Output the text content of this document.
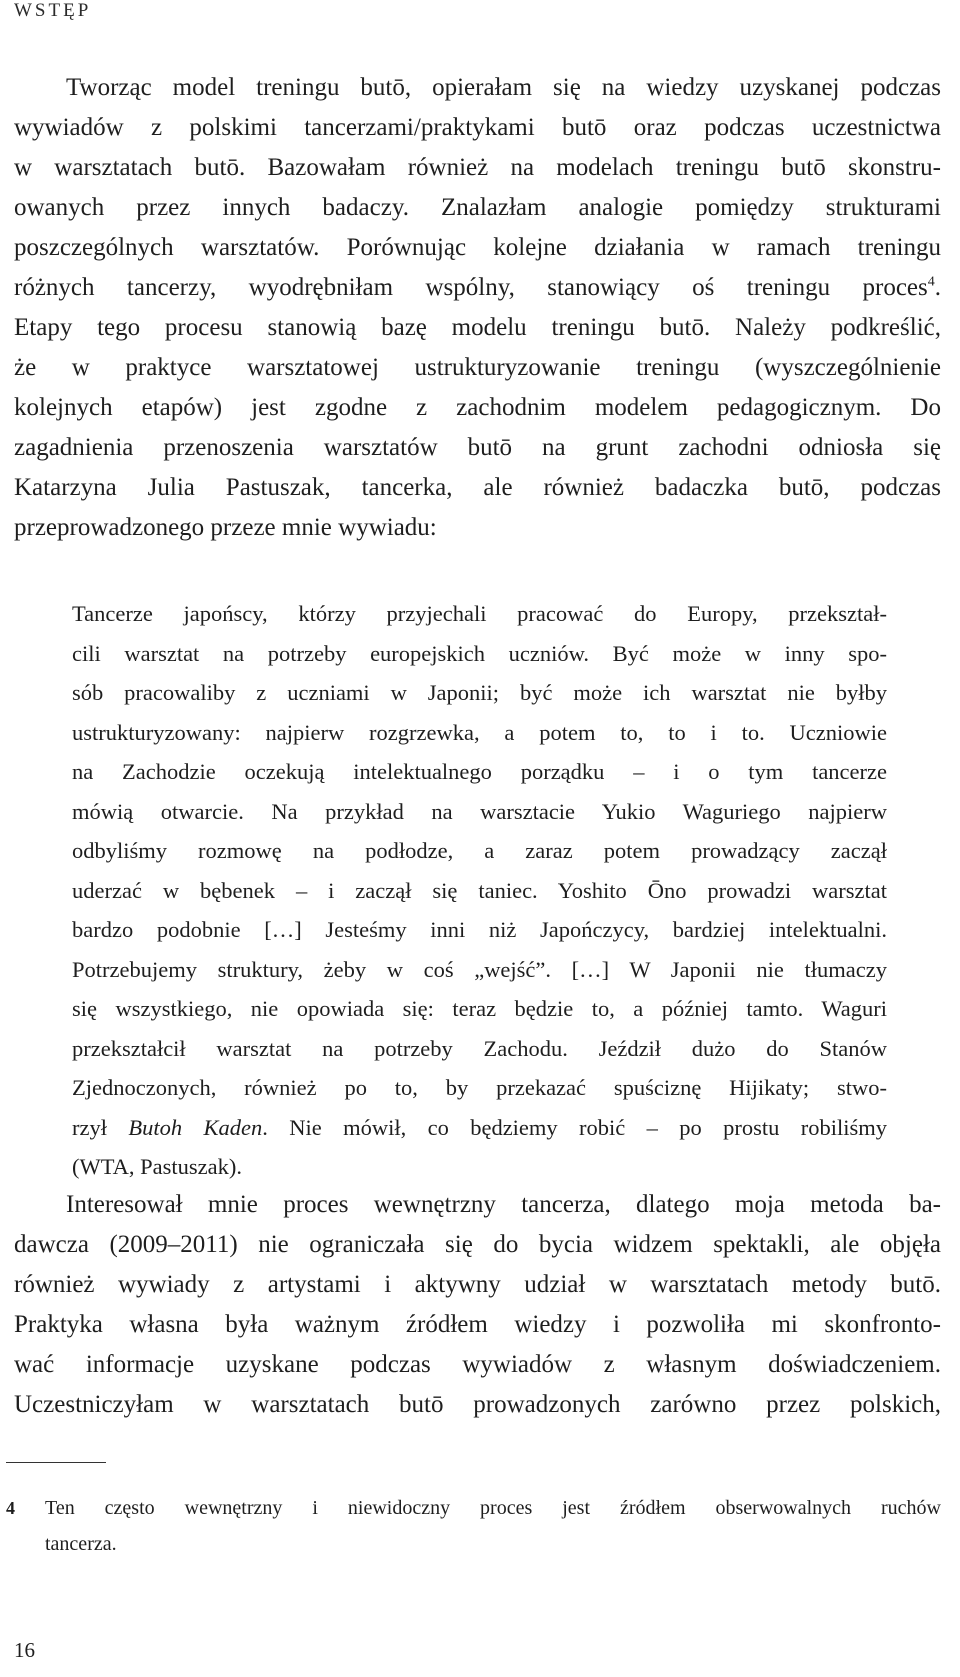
WSTĘP
Tworząc model treningu butō, opierałam się na wiedzy uzyskanej podczas
wywiadów z polskimi tancerzami/praktykami butō oraz podczas uczestnictwa
w warsztatach butō. Bazowałam również na modelach treningu butō skonstru-
owanych przez innych badaczy. Znalazłam analogie pomiędzy strukturami
poszczególnych warsztatów. Porównując kolejne działania w ramach treningu
różnych tancerzy, wyodrębniłam wspólny, stanowiący oś treningu proces$^4$.
Etapy tego procesu stanowią bazę modelu treningu butō. Należy podkreślić,
że w praktyce warsztatowej ustrukturyzowanie treningu (wyszczególnienie
kolejnych etapów) jest zgodne z zachodnim modelem pedagogicznym. Do
zagadnienia przenoszenia warsztatów butō na grunt zachodni odniosła się
Katarzyna Julia Pastuszak, tancerka, ale również badaczka butō, podczas
przeprowadzonego przeze mnie wywiadu:
Tancerze japońscy, którzy przyjechali pracować do Europy, przekształ-
cili warsztat na potrzeby europejskich uczniów. Być może w inny spo-
sób pracowaliby z uczniami w Japonii; być może ich warsztat nie byłby
ustrukturyzowany: najpierw rozgrzewka, a potem to, to i to. Uczniowie
na Zachodzie oczekują intelektualnego porządku – i o tym tancerze
mówią otwarcie. Na przykład na warsztacie Yukio Waguriego najpierw
odbyliśmy rozmowę na podłodze, a zaraz potem prowadzący zaczął
uderzać w bębenek – i zaczął się taniec. Yoshito Ōno prowadzi warsztat
bardzo podobnie […] Jesteśmy inni niż Japończycy, bardziej intelektualni.
Potrzebujemy struktury, żeby w coś „wejść”. […] W Japonii nie tłumaczy
się wszystkiego, nie opowiada się: teraz będzie to, a później tamto. Waguri
przekształcił warsztat na potrzeby Zachodu. Jeździł dużo do Stanów
Zjednoczonych, również po to, by przekazać spuściznę Hijikaty; stwo-
rzył Butoh Kaden. Nie mówił, co będziemy robić – po prostu robiliśmy
(WTA, Pastuszak).
Interesował mnie proces wewnętrzny tancerza, dlatego moja metoda ba-
dawcza (2009–2011) nie ograniczała się do bycia widzem spektakli, ale objęła
również wywiady z artystami i aktywny udział w warsztatach metody butō.
Praktyka własna była ważnym źródłem wiedzy i pozwoliła mi skonfronto-
wać informacje uzyskane podczas wywiadów z własnym doświadczeniem.
Uczestniczyłam w warsztatach butō prowadzonych zarówno przez polskich,
4 Ten często wewnętrzny i niewidoczny proces jest źródłem obserwowalnych ruchów
tancerza.
16
